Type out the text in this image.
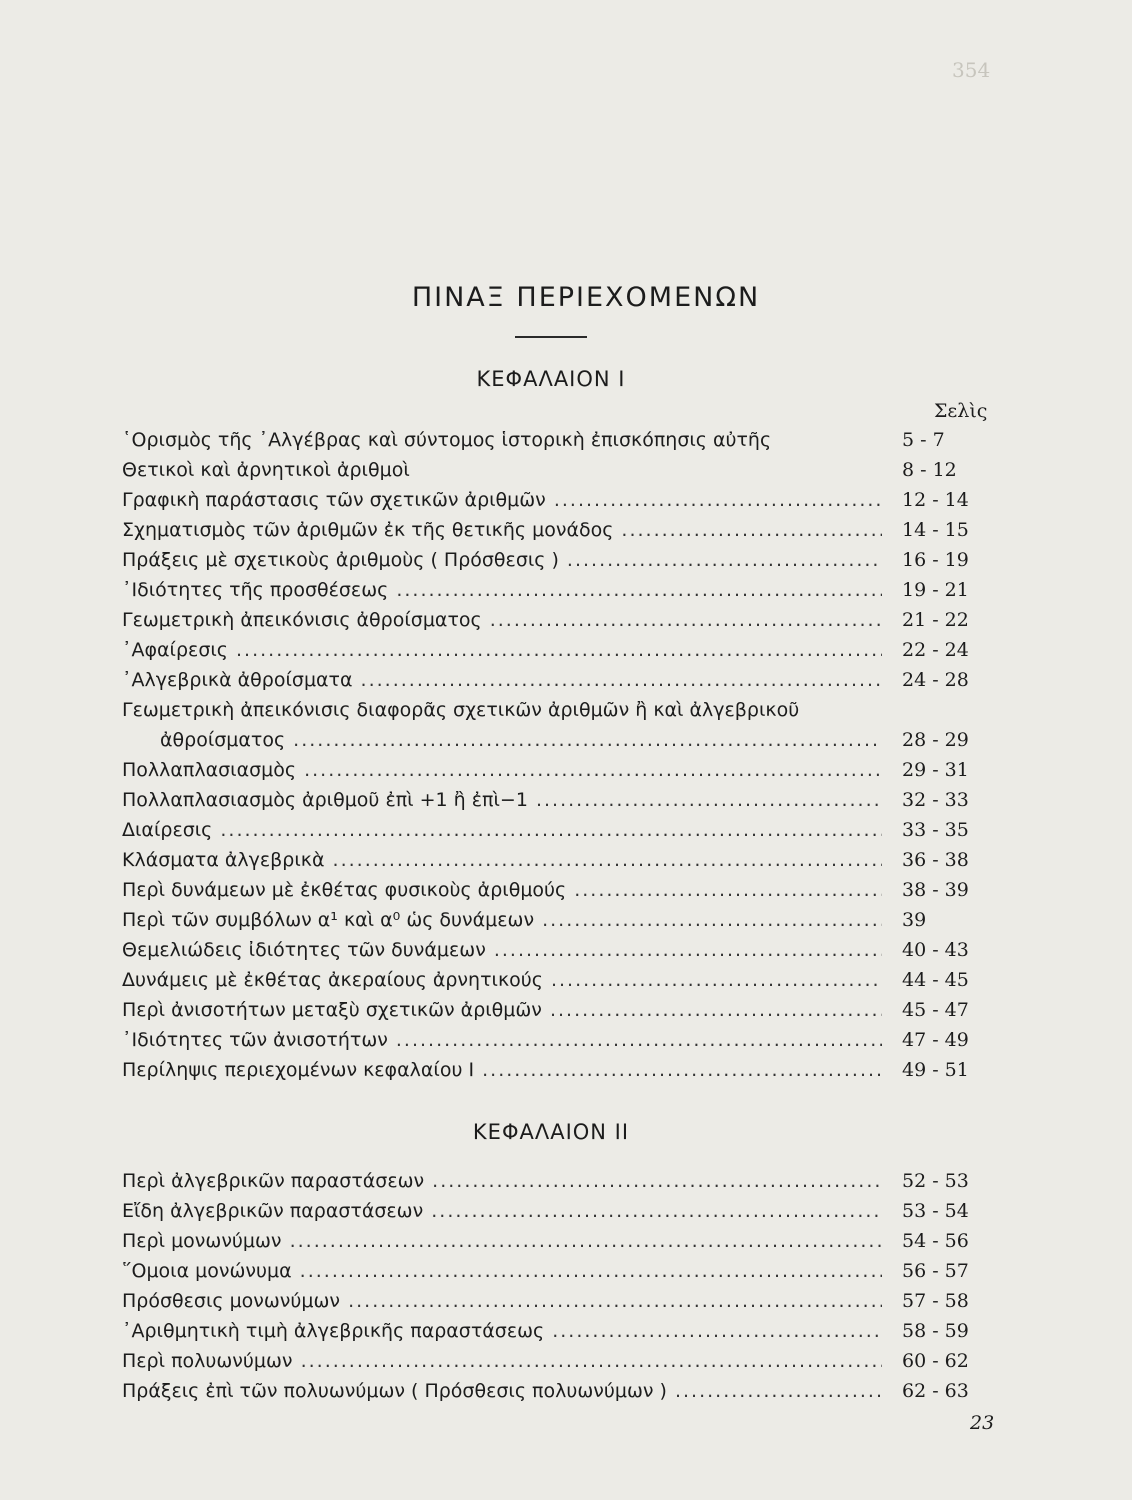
354
ΠΙΝΑΞ ΠΕΡΙΕΧΟΜΕΝΩΝ
ΚΕΦΑΛΑΙΟΝ Ι
Σελὶς
῾Ορισμὸς τῆς ᾿Αλγέβρας καὶ σύντομος ἱστορικὴ ἐπισκόπησις αὐτῆς	5 - 7
Θετικοὶ καὶ ἀρνητικοὶ ἀριθμοὶ	8 - 12
Γραφικὴ παράστασις τῶν σχετικῶν ἀριθμῶν .....	12 - 14
Σχηματισμὸς τῶν ἀριθμῶν ἐκ τῆς θετικῆς μονάδος .....	14 - 15
Πράξεις μὲ σχετικοὺς ἀριθμοὺς ( Πρόσθεσις ) .....	16 - 19
᾿Ιδιότητες τῆς προσθέσεως .....	19 - 21
Γεωμετρικὴ ἀπεικόνισις ἀθροίσματος .....	21 - 22
᾿Αφαίρεσις .....	22 - 24
᾿Αλγεβρικὰ ἀθροίσματα .....	24 - 28
Γεωμετρικὴ ἀπεικόνισις διαφορᾶς σχετικῶν ἀριθμῶν ἢ καὶ ἀλγεβρικοῦ
ἀθροίσματος .....	28 - 29
Πολλαπλασιασμὸς .....	29 - 31
Πολλαπλασιασμὸς ἀριθμοῦ ἐπὶ +1 ἢ ἐπὶ−1 .....	32 - 33
Διαίρεσις .....	33 - 35
Κλάσματα ἀλγεβρικὰ .....	36 - 38
Περὶ δυνάμεων μὲ ἐκθέτας φυσικοὺς ἀριθμούς .....	38 - 39
Περὶ τῶν συμβόλων α¹ καὶ α⁰ ὡς δυνάμεων .....	39
Θεμελιώδεις ἰδιότητες τῶν δυνάμεων .....	40 - 43
Δυνάμεις μὲ ἐκθέτας ἀκεραίους ἀρνητικούς .....	44 - 45
Περὶ ἀνισοτήτων μεταξὺ σχετικῶν ἀριθμῶν .....	45 - 47
᾿Ιδιότητες τῶν ἀνισοτήτων .....	47 - 49
Περίληψις περιεχομένων κεφαλαίου Ι .....	49 - 51
ΚΕΦΑΛΑΙΟΝ ΙΙ
Περὶ ἀλγεβρικῶν παραστάσεων .....	52 - 53
Εἴδη ἀλγεβρικῶν παραστάσεων .....	53 - 54
Περὶ μονωνύμων .....	54 - 56
῞Ομοια μονώνυμα .....	56 - 57
Πρόσθεσις μονωνύμων .....	57 - 58
᾿Αριθμητικὴ τιμὴ ἀλγεβρικῆς παραστάσεως .....	58 - 59
Περὶ πολυωνύμων .....	60 - 62
Πράξεις ἐπὶ τῶν πολυωνύμων ( Πρόσθεσις πολυωνύμων ) .....	62 - 63
23
